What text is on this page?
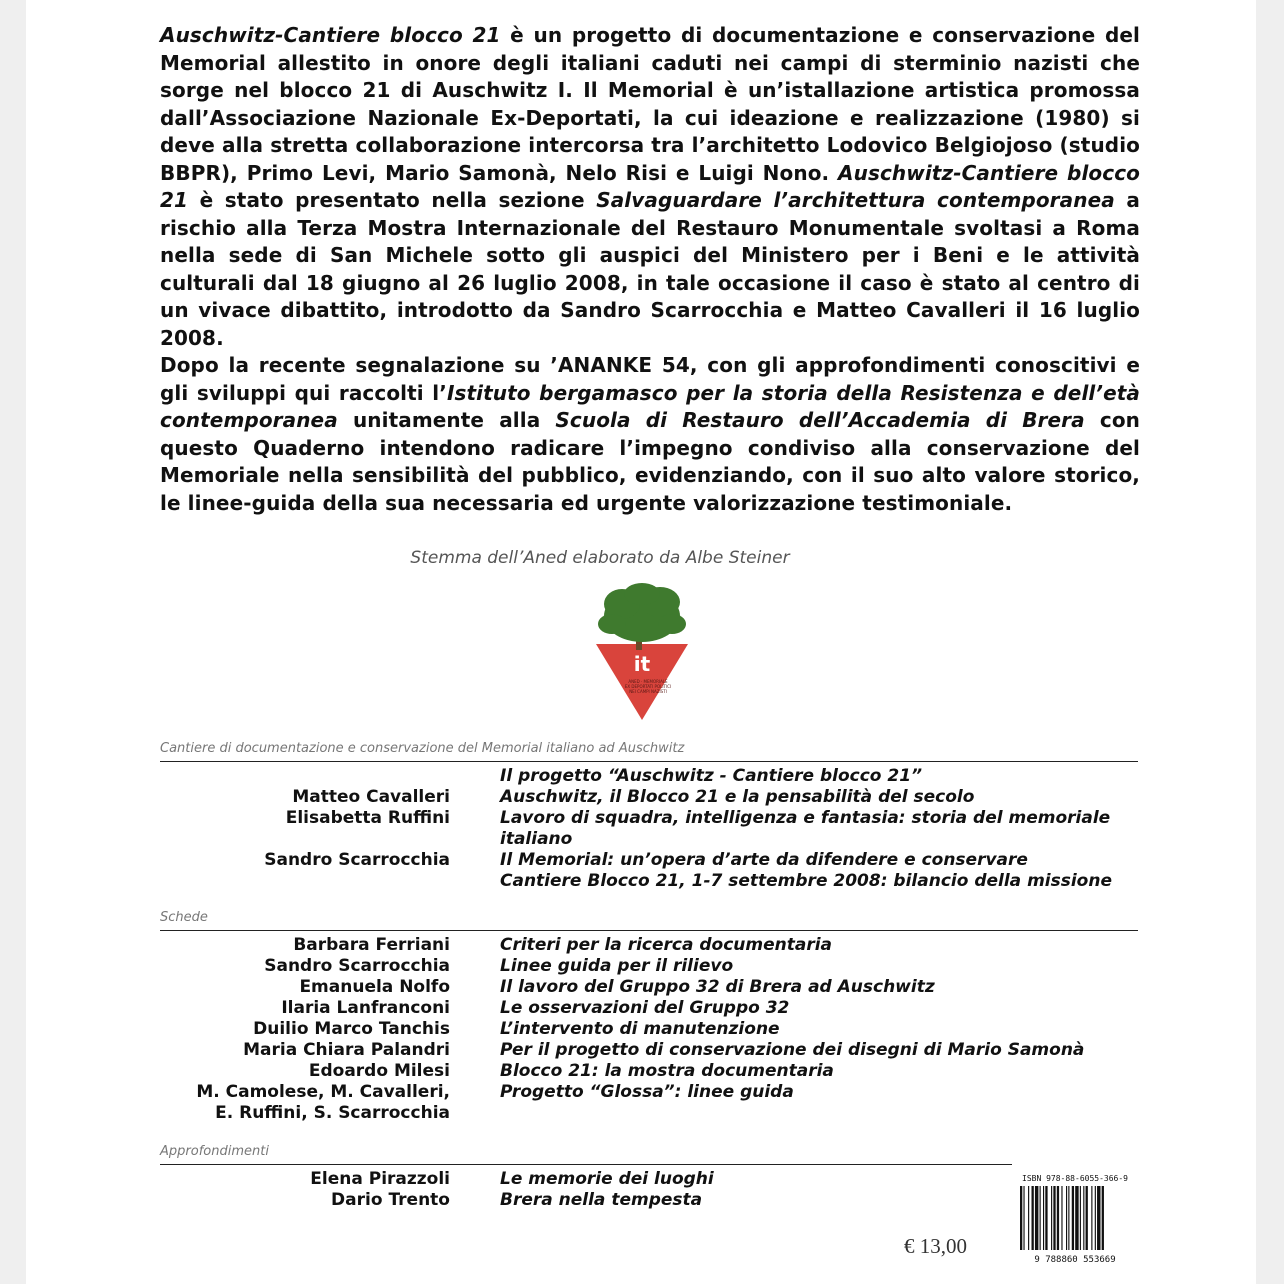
Auschwitz-Cantiere blocco 21 è un progetto di documentazione e conservazione del Memorial allestito in onore degli italiani caduti nei campi di sterminio nazisti che sorge nel blocco 21 di Auschwitz I. Il Memorial è un’istallazione artistica promossa dall’Associazione Nazionale Ex-Deportati, la cui ideazione e realizzazione (1980) si deve alla stretta collaborazione intercorsa tra l’architetto Lodovico Belgiojoso (studio BBPR), Primo Levi, Mario Samonà, Nelo Risi e Luigi Nono. Auschwitz-Cantiere blocco 21 è stato presentato nella sezione Salvaguardare l’architettura contemporanea a rischio alla Terza Mostra Internazionale del Restauro Monumentale svoltasi a Roma nella sede di San Michele sotto gli auspici del Ministero per i Beni e le attività culturali dal 18 giugno al 26 luglio 2008, in tale occasione il caso è stato al centro di un vivace dibattito, introdotto da Sandro Scarrocchia e Matteo Cavalleri il 16 luglio 2008.

Dopo la recente segnalazione su ’ANANKE 54, con gli approfondimenti conoscitivi e gli sviluppi qui raccolti l’Istituto bergamasco per la storia della Resistenza e dell’età contemporanea unitamente alla Scuola di Restauro dell’Accademia di Brera con questo Quaderno intendono radicare l’impegno condiviso alla conservazione del Memoriale nella sensibilità del pubblico, evidenziando, con il suo alto valore storico, le linee-guida della sua necessaria ed urgente valorizzazione testimoniale.

Stemma dell’Aned elaborato da Albe Steiner
it
ANED · MEMORIALE
EX DEPORTATI POLITICI
NEI CAMPI NAZISTI
Cantiere di documentazione e conservazione del Memorial italiano ad Auschwitz
Il progetto “Auschwitz - Cantiere blocco 21”
Matteo Cavalleri	Auschwitz, il Blocco 21 e la pensabilità del secolo
Elisabetta Ruffini	Lavoro di squadra, intelligenza e fantasia: storia del memoriale italiano
Sandro Scarrocchia	Il Memorial: un’opera d’arte da difendere e conservare
Cantiere Blocco 21, 1-7 settembre 2008: bilancio della missione
Schede
Barbara Ferriani	Criteri per la ricerca documentaria
Sandro Scarrocchia	Linee guida per il rilievo
Emanuela Nolfo	Il lavoro del Gruppo 32 di Brera ad Auschwitz
Ilaria Lanfranconi	Le osservazioni del Gruppo 32
Duilio Marco Tanchis	L’intervento di manutenzione
Maria Chiara Palandri	Per il progetto di conservazione dei disegni di Mario Samonà
Edoardo Milesi	Blocco 21: la mostra documentaria
M. Camolese, M. Cavalleri,	Progetto “Glossa”: linee guida
E. Ruffini, S. Scarrocchia
Approfondimenti
Elena Pirazzoli	Le memorie dei luoghi
Dario Trento	Brera nella tempesta
ISBN 978-88-6055-366-9
9 788860 553669
€ 13,00
